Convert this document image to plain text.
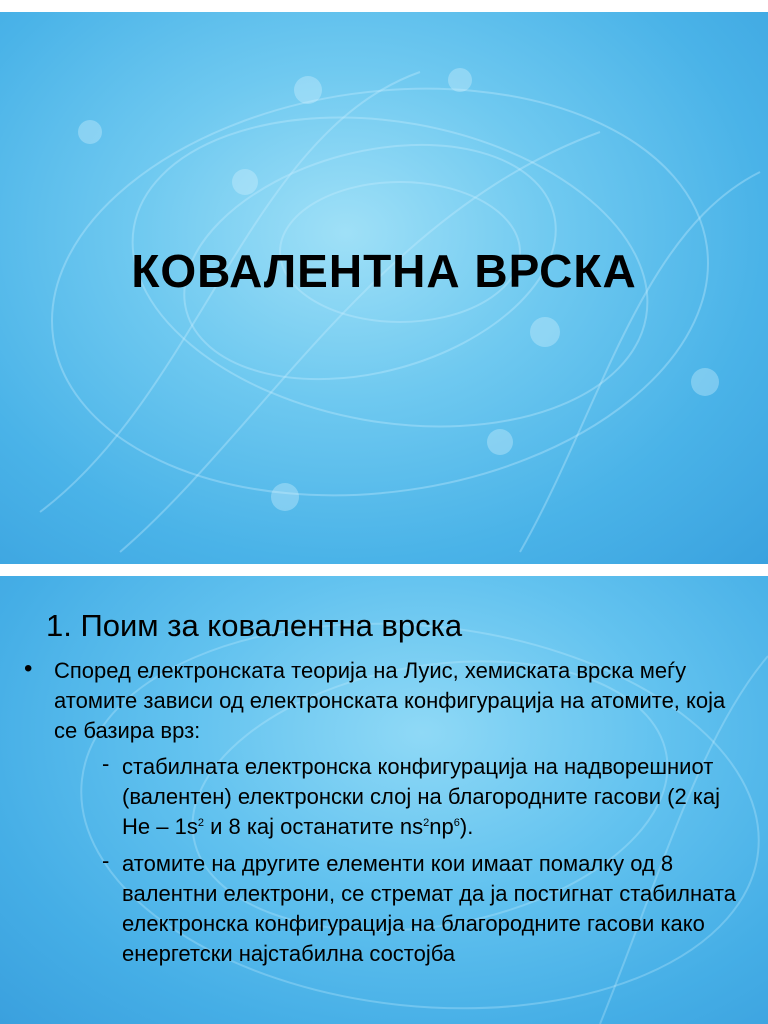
КОВАЛЕНТНА ВРСКА
1. Поим за ковалентна врска
• Според електронската теорија на Луис, хемиската врска меѓу атомите зависи од електронската конфигурација на атомите, која се базира врз:
- стабилната електронска конфигурација на надворешниот (валентен) електронски слој на благородните гасови (2 кај Не – $1s^2$ и 8 кај останатите $ns^2np^6$).
- атомите на другите елементи кои имаат помалку од 8 валентни електрони, се стремат да ја постигнат стабилната електронска конфигурација на благородните гасови како енергетски најстабилна состојба
